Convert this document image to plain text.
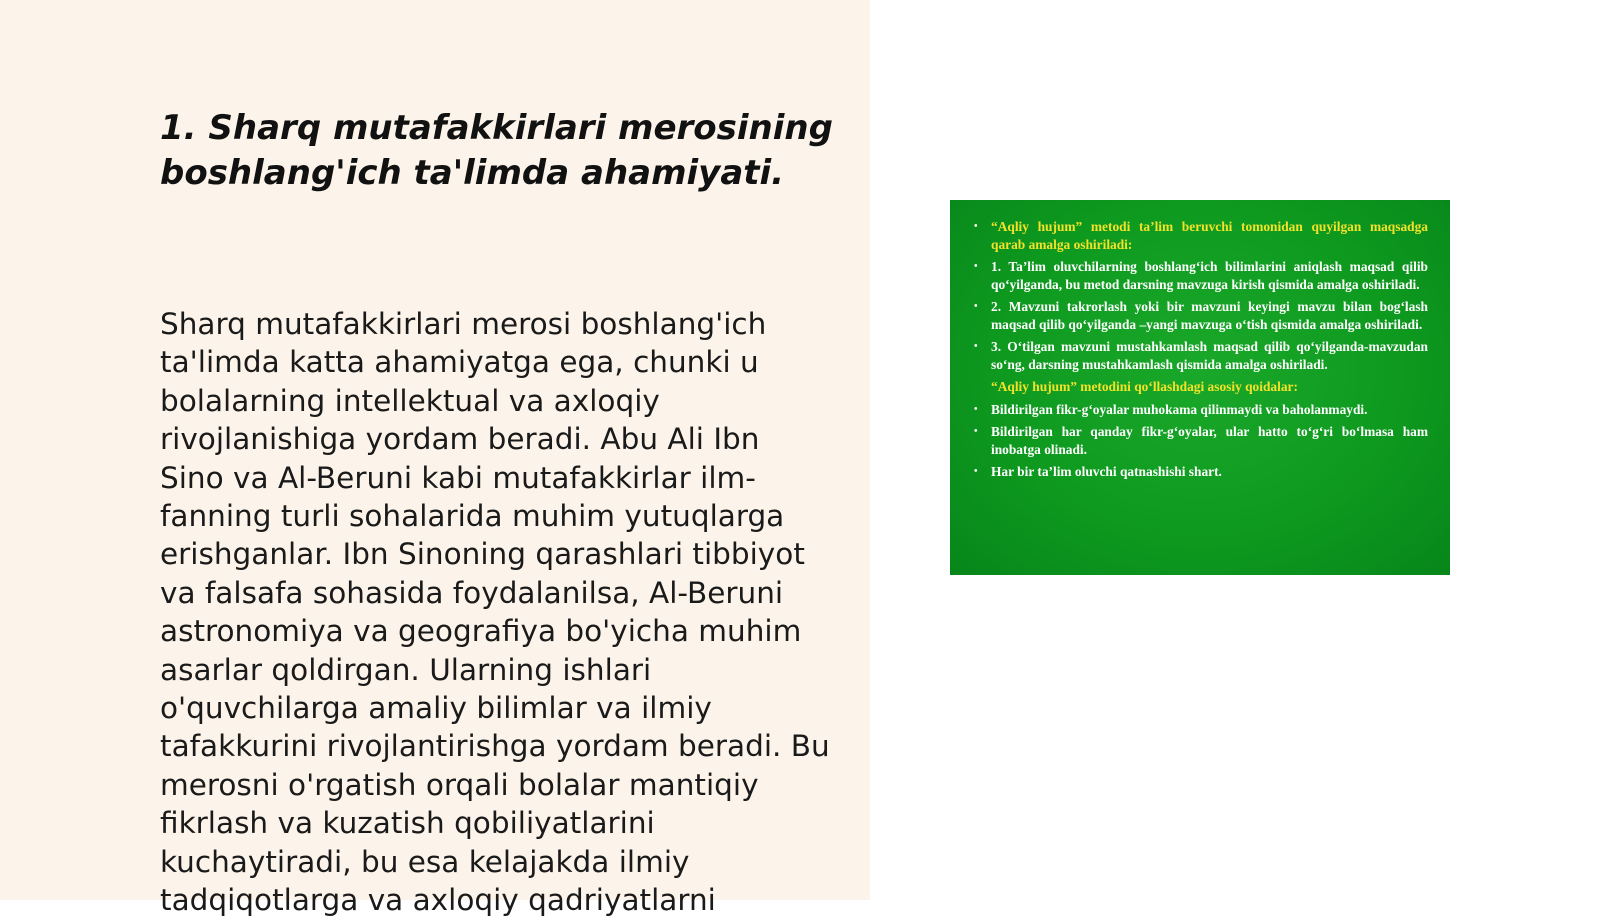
1. Sharq mutafakkirlari merosining boshlang'ich ta'limda ahamiyati.

Sharq mutafakkirlari merosi boshlang'ich ta'limda katta ahamiyatga ega, chunki u bolalarning intellektual va axloqiy rivojlanishiga yordam beradi. Abu Ali Ibn Sino va Al-Beruni kabi mutafakkirlar ilm-fanning turli sohalarida muhim yutuqlarga erishganlar. Ibn Sinoning qarashlari tibbiyot va falsafa sohasida foydalanilsa, Al-Beruni astronomiya va geografiya bo'yicha muhim asarlar qoldirgan. Ularning ishlari o'quvchilarga amaliy bilimlar va ilmiy tafakkurini rivojlantirishga yordam beradi. Bu merosni o'rgatish orqali bolalar mantiqiy fikrlash va kuzatish qobiliyatlarini kuchaytiradi, bu esa kelajakda ilmiy tadqiqotlarga va axloqiy qadriyatlarni

• “Aqliy hujum” metodi ta’lim beruvchi tomonidan quyilgan maqsadga qarab amalga oshiriladi:
• 1. Ta’lim oluvchilarning boshlang‘ich bilimlarini aniqlash maqsad qilib qo‘yilganda, bu metod darsning mavzuga kirish qismida amalga oshiriladi.
• 2. Mavzuni takrorlash yoki bir mavzuni keyingi mavzu bilan bog‘lash maqsad qilib qo‘yilganda –yangi mavzuga o‘tish qismida amalga oshiriladi.
• 3. O‘tilgan mavzuni mustahkamlash maqsad qilib qo‘yilganda-mavzudan so‘ng, darsning mustahkamlash qismida amalga oshiriladi.
“Aqliy hujum” metodini qo‘llashdagi asosiy qoidalar:
• Bildirilgan fikr-g‘oyalar muhokama qilinmaydi va baholanmaydi.
• Bildirilgan har qanday fikr-g‘oyalar, ular hatto to‘g‘ri bo‘lmasa ham inobatga olinadi.
• Har bir ta’lim oluvchi qatnashishi shart.
